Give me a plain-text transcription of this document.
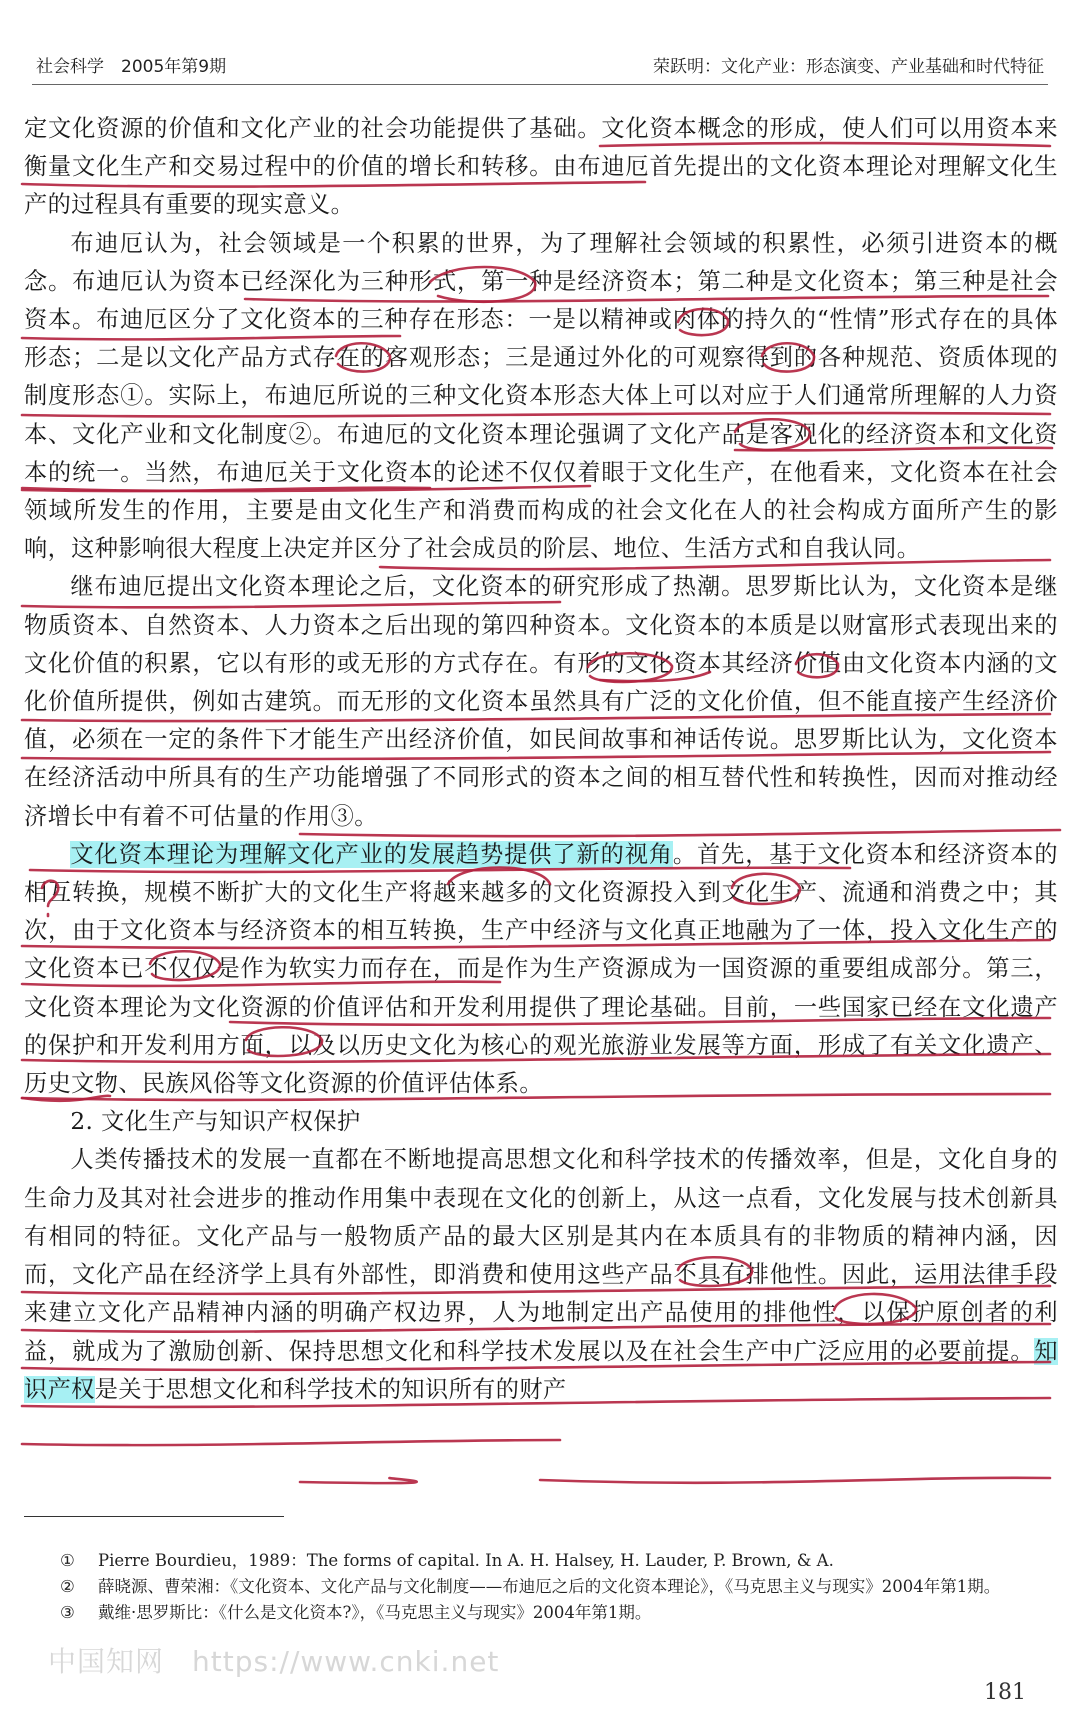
社会科学　2005年第9期	荣跃明：文化产业：形态演变、产业基础和时代特征

定文化资源的价值和文化产业的社会功能提供了基础。文化资本概念的形成，使人们可以用资本来衡量文化生产和交易过程中的价值的增长和转移。由布迪厄首先提出的文化资本理论对理解文化生产的过程具有重要的现实意义。

布迪厄认为，社会领域是一个积累的世界，为了理解社会领域的积累性，必须引进资本的概念。布迪厄认为资本已经深化为三种形式，第一种是经济资本；第二种是文化资本；第三种是社会资本。布迪厄区分了文化资本的三种存在形态：一是以精神或肉体的持久的“性情”形式存在的具体形态；二是以文化产品方式存在的客观形态；三是通过外化的可观察得到的各种规范、资质体现的制度形态①。实际上，布迪厄所说的三种文化资本形态大体上可以对应于人们通常所理解的人力资本、文化产业和文化制度②。布迪厄的文化资本理论强调了文化产品是客观化的经济资本和文化资本的统一。当然，布迪厄关于文化资本的论述不仅仅着眼于文化生产，在他看来，文化资本在社会领域所发生的作用，主要是由文化生产和消费而构成的社会文化在人的社会构成方面所产生的影响，这种影响很大程度上决定并区分了社会成员的阶层、地位、生活方式和自我认同。

继布迪厄提出文化资本理论之后，文化资本的研究形成了热潮。思罗斯比认为，文化资本是继物质资本、自然资本、人力资本之后出现的第四种资本。文化资本的本质是以财富形式表现出来的文化价值的积累，它以有形的或无形的方式存在。有形的文化资本其经济价值由文化资本内涵的文化价值所提供，例如古建筑。而无形的文化资本虽然具有广泛的文化价值，但不能直接产生经济价值，必须在一定的条件下才能生产出经济价值，如民间故事和神话传说。思罗斯比认为，文化资本在经济活动中所具有的生产功能增强了不同形式的资本之间的相互替代性和转换性，因而对推动经济增长中有着不可估量的作用③。

文化资本理论为理解文化产业的发展趋势提供了新的视角。首先，基于文化资本和经济资本的相互转换，规模不断扩大的文化生产将越来越多的文化资源投入到文化生产、流通和消费之中；其次，由于文化资本与经济资本的相互转换，生产中经济与文化真正地融为了一体，投入文化生产的文化资本已不仅仅是作为软实力而存在，而是作为生产资源成为一国资源的重要组成部分。第三，文化资本理论为文化资源的价值评估和开发利用提供了理论基础。目前，一些国家已经在文化遗产的保护和开发利用方面，以及以历史文化为核心的观光旅游业发展等方面，形成了有关文化遗产、历史文物、民族风俗等文化资源的价值评估体系。

2. 文化生产与知识产权保护

人类传播技术的发展一直都在不断地提高思想文化和科学技术的传播效率，但是，文化自身的生命力及其对社会进步的推动作用集中表现在文化的创新上，从这一点看，文化发展与技术创新具有相同的特征。文化产品与一般物质产品的最大区别是其内在本质具有的非物质的精神内涵，因而，文化产品在经济学上具有外部性，即消费和使用这些产品不具有排他性。因此，运用法律手段来建立文化产品精神内涵的明确产权边界，人为地制定出产品使用的排他性，以保护原创者的利益，就成为了激励创新、保持思想文化和科学技术发展以及在社会生产中广泛应用的必要前提。知识产权是关于思想文化和科学技术的知识所有的财产

① Pierre Bourdieu，1989：The forms of capital. In A. H. Halsey, H. Lauder, P. Brown, & A.

② 薛晓源、曹荣湘：《文化资本、文化产品与文化制度——布迪厄之后的文化资本理论》，《马克思主义与现实》2004年第1期。

③ 戴维·思罗斯比：《什么是文化资本?》，《马克思主义与现实》2004年第1期。

中国知网 https://www.cnki.net
181
